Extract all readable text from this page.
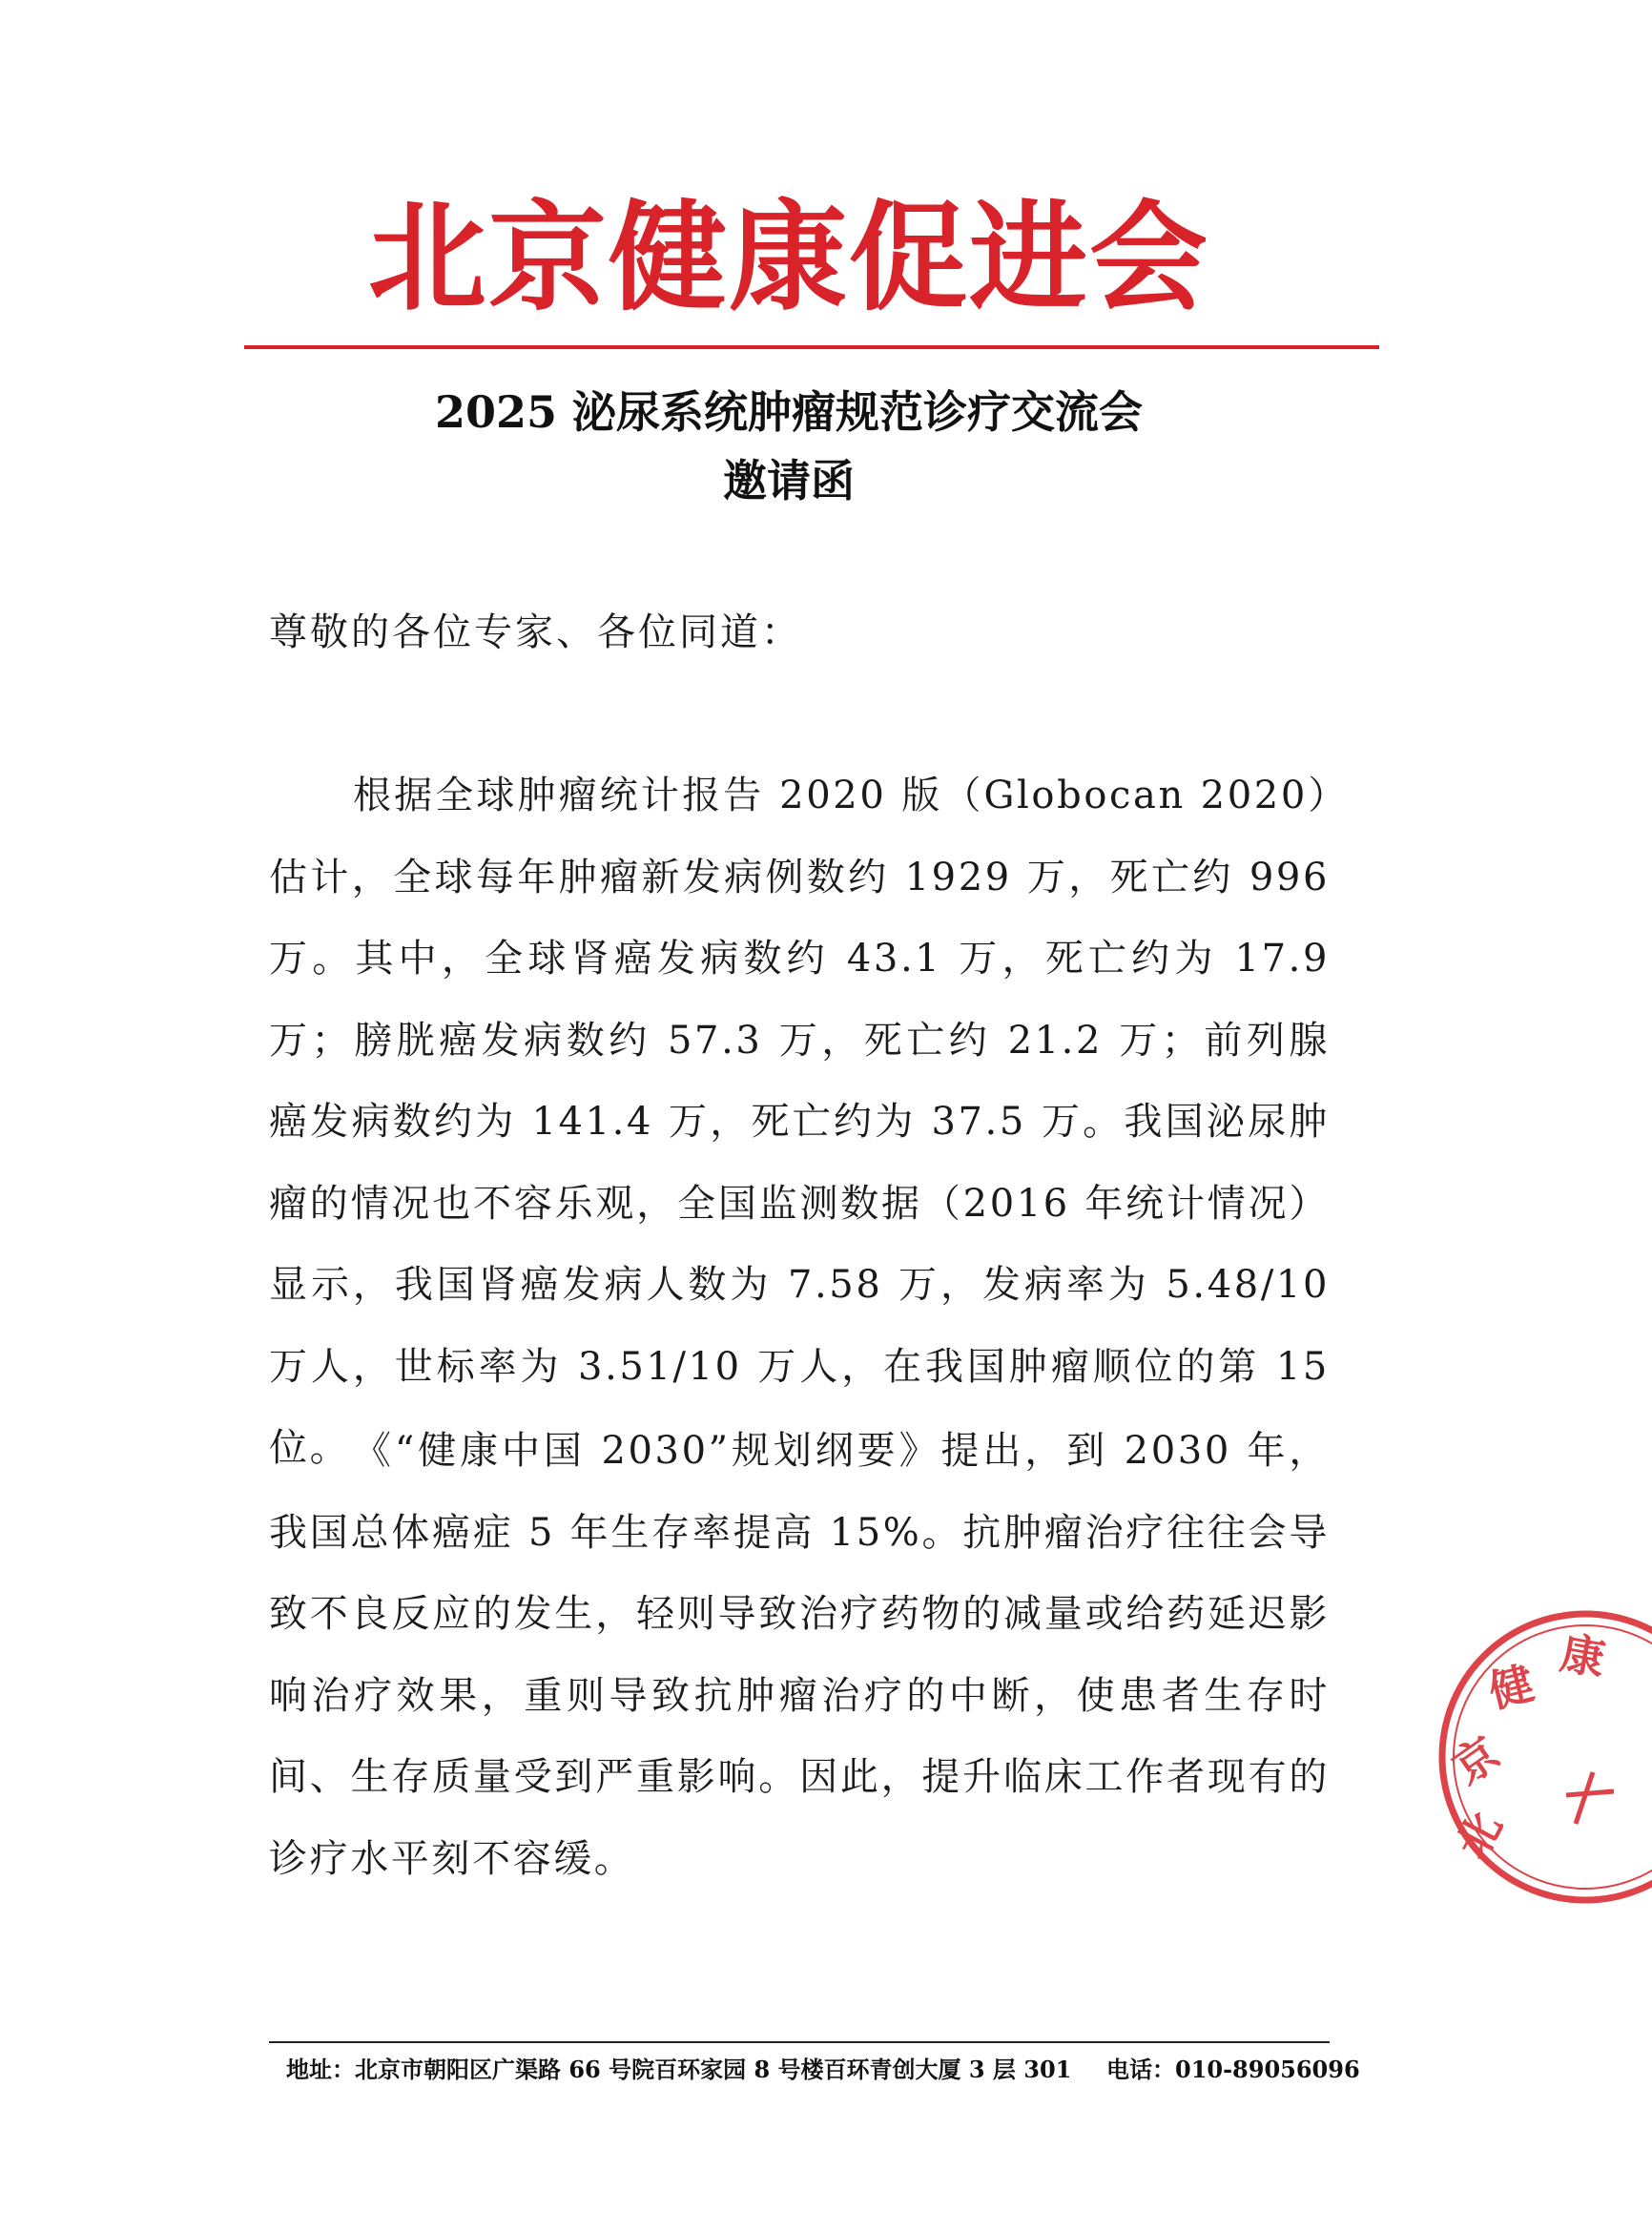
北京健康促进会
2025 泌尿系统肿瘤规范诊疗交流会
邀请函
尊敬的各位专家、各位同道：

根据全球肿瘤统计报告 2020 版（Globocan 2020）估计，全球每年肿瘤新发病例数约 1929 万，死亡约 996 万。其中，全球肾癌发病数约 43.1 万，死亡约为 17.9 万；膀胱癌发病数约 57.3 万，死亡约 21.2 万；前列腺癌发病数约为 141.4 万，死亡约为 37.5 万。我国泌尿肿瘤的情况也不容乐观，全国监测数据（2016 年统计情况）显示，我国肾癌发病人数为 7.58 万，发病率为 5.48/10 万人，世标率为 3.51/10 万人，在我国肿瘤顺位的第 15 位。 《“健康中国 2030”规划纲要》提出，到 2030 年，我国总体癌症 5 年生存率提高 15%。抗肿瘤治疗往往会导致不良反应的发生，轻则导致治疗药物的减量或给药延迟影响治疗效果，重则导致抗肿瘤治疗的中断，使患者生存时间、生存质量受到严重影响。因此，提升临床工作者现有的诊疗水平刻不容缓。	北
京
健
康
地址：北京市朝阳区广渠路 66 号院百环家园 8 号楼百环青创大厦 3 层 301 电话：010-89056096
